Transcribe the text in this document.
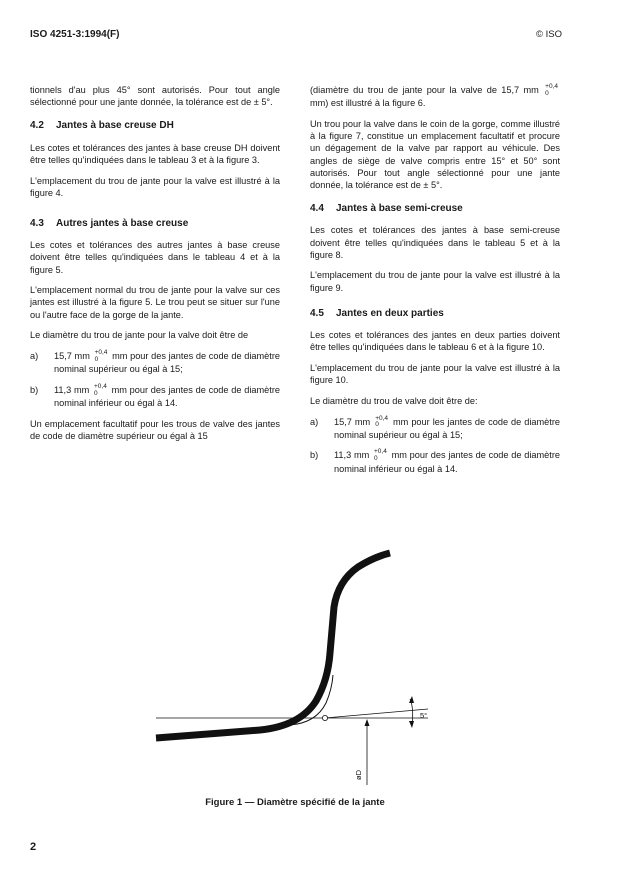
ISO 4251-3:1994(F)	© ISO

tionnels d'au plus 45° sont autorisés. Pour tout angle sélectionné pour une jante donnée, la tolérance est de ± 5°.

4.2 Jantes à base creuse DH

Les cotes et tolérances des jantes à base creuse DH doivent être telles qu'indiquées dans le tableau 3 et à la figure 3.

L'emplacement du trou de jante pour la valve est illustré à la figure 4.

4.3 Autres jantes à base creuse

Les cotes et tolérances des autres jantes à base creuse doivent être telles qu'indiquées dans le tableau 4 et à la figure 5.

L'emplacement normal du trou de jante pour la valve sur ces jantes est illustré à la figure 5. Le trou peut se situer sur l'une ou l'autre face de la gorge de la jante.

Le diamètre du trou de jante pour la valve doit être de

a)	15,7 mm +0,4
0	mm pour des jantes de code de diamètre nominal supérieur ou égal à 15;
b)	11,3 mm +0,4
0	mm pour des jantes de code de diamètre nominal inférieur ou égal à 14.

Un emplacement facultatif pour les trous de valve des jantes de code de diamètre supérieur ou égal à 15

(diamètre du trou de jante pour la valve de 15,7 mm +0,4
0
mm) est illustré à la figure 6.

Un trou pour la valve dans le coin de la gorge, comme illustré à la figure 7, constitue un emplacement facultatif et procure un dégagement de la valve par rapport au véhicule. Des angles de siège de valve compris entre 15° et 50° sont autorisés. Pour tout angle sélectionné pour une jante donnée, la tolérance est de ± 5°.

4.4 Jantes à base semi-creuse

Les cotes et tolérances des jantes à base semi-creuse doivent être telles qu'indiquées dans le tableau 5 et à la figure 8.

L'emplacement du trou de jante pour la valve est illustré à la figure 9.

4.5 Jantes en deux parties

Les cotes et tolérances des jantes en deux parties doivent être telles qu'indiquées dans le tableau 6 et à la figure 10.

L'emplacement du trou de jante pour la valve est illustré à la figure 10.

Le diamètre du trou de valve doit être de:

a)	15,7 mm +0,4
0	mm pour les jantes de code de diamètre nominal supérieur ou égal à 15;
b)	11,3 mm +0,4
0	mm pour des jantes de code de diamètre nominal inférieur ou égal à 14.
5°
øD
Figure 1 — Diamètre spécifié de la jante
2
